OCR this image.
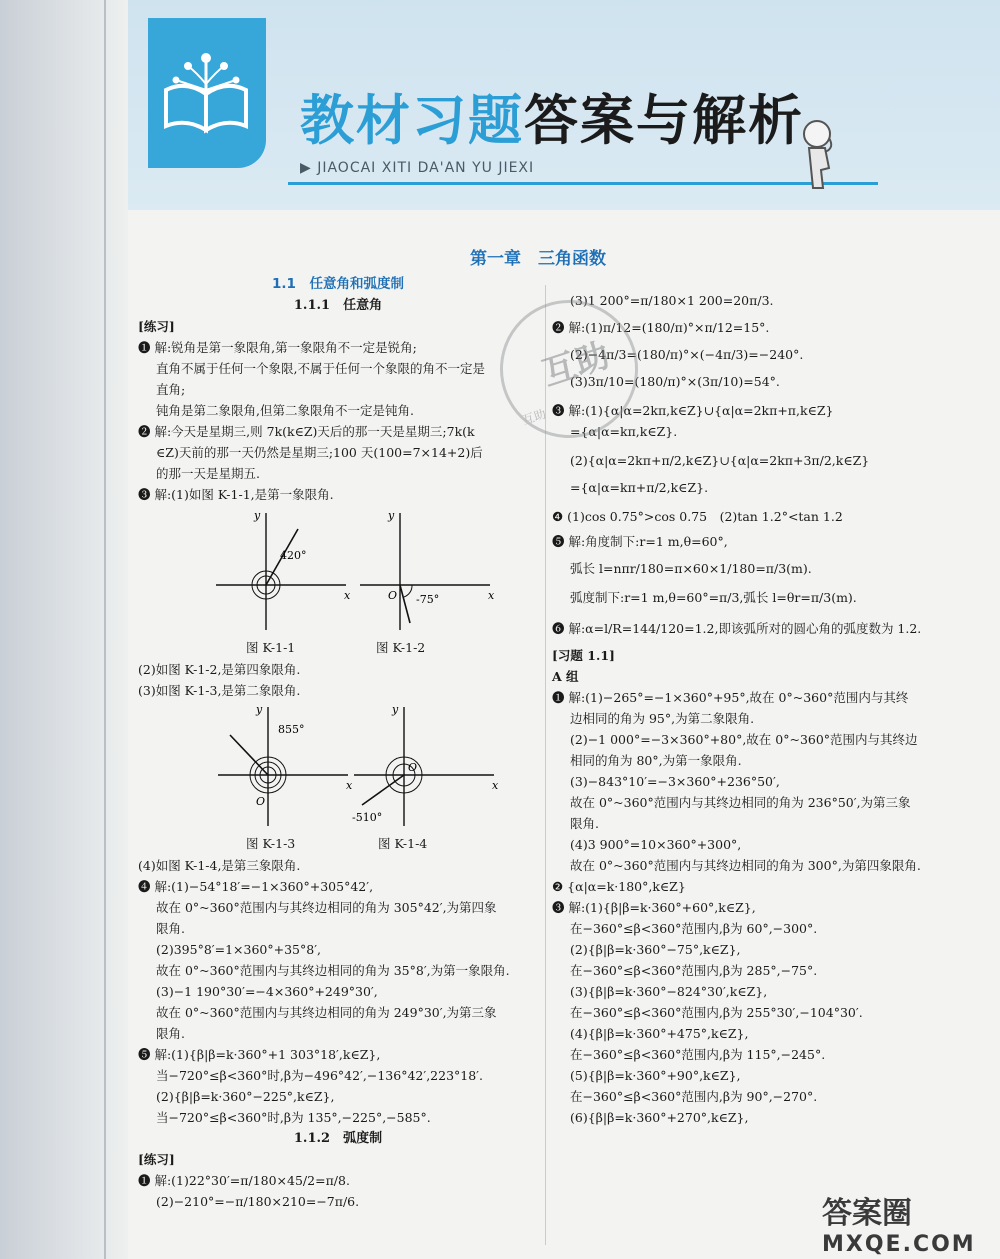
教材习题答案与解析
▶ JIAOCAI XITI DA'AN YU JIEXI
第一章　三角函数
1.1　任意角和弧度制
1.1.1　任意角
[练习]
❶ 解:锐角是第一象限角,第一象限角不一定是锐角;
直角不属于任何一个象限,不属于任何一个象限的角不一定是
直角;
钝角是第二象限角,但第二象限角不一定是钝角.
❷ 解:今天是星期三,则 7k(k∈Z)天后的那一天是星期三;7k(k
∈Z)天前的那一天仍然是星期三;100 天(100=7×14+2)后
的那一天是星期五.
❸ 解:(1)如图 K-1-1,是第一象限角.
x
y
420°
x
y
O -75°
图 K-1-1	图 K-1-2
(2)如图 K-1-2,是第四象限角.
(3)如图 K-1-3,是第二象限角.
x
y
O
855°
x
y
O
-510°
图 K-1-3	图 K-1-4
(4)如图 K-1-4,是第三象限角.
❹ 解:(1)−54°18′=−1×360°+305°42′,
故在 0°~360°范围内与其终边相同的角为 305°42′,为第四象
限角.
(2)395°8′=1×360°+35°8′,
故在 0°~360°范围内与其终边相同的角为 35°8′,为第一象限角.
(3)−1 190°30′=−4×360°+249°30′,
故在 0°~360°范围内与其终边相同的角为 249°30′,为第三象
限角.
❺ 解:(1){β|β=k·360°+1 303°18′,k∈Z},
当−720°≤β<360°时,β为−496°42′,−136°42′,223°18′.
(2){β|β=k·360°−225°,k∈Z},
当−720°≤β<360°时,β为 135°,−225°,−585°.
1.1.2　弧度制
[练习]
❶ 解:(1)22°30′=π/180×45/2=π/8.
(2)−210°=−π/180×210=−7π/6.
(3)1 200°=π/180×1 200=20π/3.
❷ 解:(1)π/12=(180/π)°×π/12=15°.
(2)−4π/3=(180/π)°×(−4π/3)=−240°.
(3)3π/10=(180/π)°×(3π/10)=54°.
❸ 解:(1){α|α=2kπ,k∈Z}∪{α|α=2kπ+π,k∈Z}
={α|α=kπ,k∈Z}.
(2){α|α=2kπ+π/2,k∈Z}∪{α|α=2kπ+3π/2,k∈Z}
={α|α=kπ+π/2,k∈Z}.
❹ (1)cos 0.75°>cos 0.75　(2)tan 1.2°<tan 1.2
❺ 解:角度制下:r=1 m,θ=60°,
弧长 l=nπr/180=π×60×1/180=π/3(m).
弧度制下:r=1 m,θ=60°=π/3,弧长 l=θr=π/3(m).
❻ 解:α=l/R=144/120=1.2,即该弧所对的圆心角的弧度数为 1.2.
[习题 1.1]
A 组
❶ 解:(1)−265°=−1×360°+95°,故在 0°~360°范围内与其终
边相同的角为 95°,为第二象限角.
(2)−1 000°=−3×360°+80°,故在 0°~360°范围内与其终边
相同的角为 80°,为第一象限角.
(3)−843°10′=−3×360°+236°50′,
故在 0°~360°范围内与其终边相同的角为 236°50′,为第三象
限角.
(4)3 900°=10×360°+300°,
故在 0°~360°范围内与其终边相同的角为 300°,为第四象限角.
❷ {α|α=k·180°,k∈Z}
❸ 解:(1){β|β=k·360°+60°,k∈Z},
在−360°≤β<360°范围内,β为 60°,−300°.
(2){β|β=k·360°−75°,k∈Z},
在−360°≤β<360°范围内,β为 285°,−75°.
(3){β|β=k·360°−824°30′,k∈Z},
在−360°≤β<360°范围内,β为 255°30′,−104°30′.
(4){β|β=k·360°+475°,k∈Z},
在−360°≤β<360°范围内,β为 115°,−245°.
(5){β|β=k·360°+90°,k∈Z},
在−360°≤β<360°范围内,β为 90°,−270°.
(6){β|β=k·360°+270°,k∈Z},
互助
互助
答案圈
MXQE.COM
